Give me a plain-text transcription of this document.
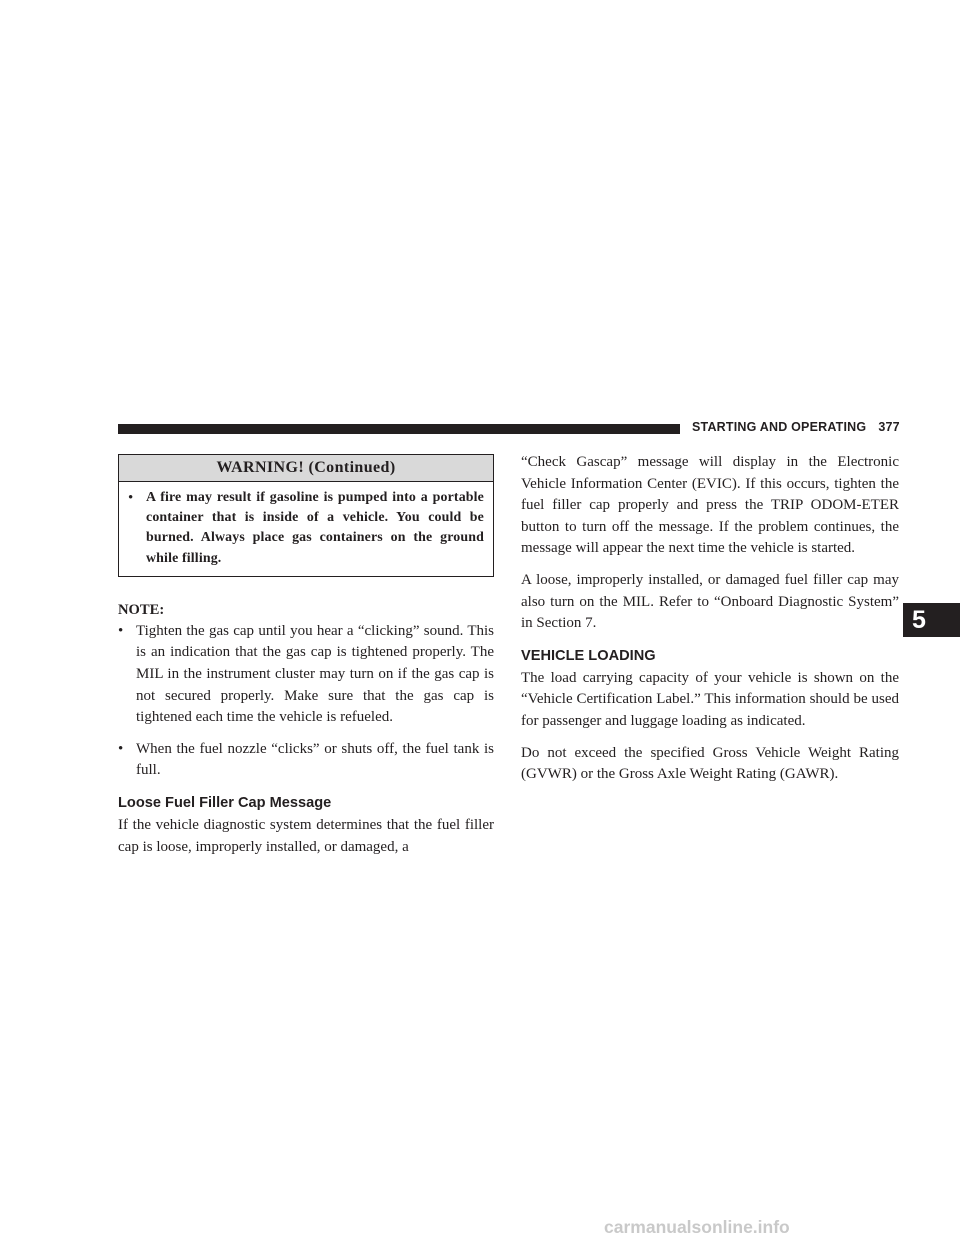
STARTING AND OPERATING 377
WARNING! (Continued)
• A fire may result if gasoline is pumped into a portable container that is inside of a vehicle. You could be burned. Always place gas containers on the ground while filling.

NOTE:

• Tighten the gas cap until you hear a “clicking” sound. This is an indication that the gas cap is tightened properly. The MIL in the instrument cluster may turn on if the gas cap is not secured properly. Make sure that the gas cap is tightened each time the vehicle is refueled.

• When the fuel nozzle “clicks” or shuts off, the fuel tank is full.

Loose Fuel Filler Cap Message

If the vehicle diagnostic system determines that the fuel filler cap is loose, improperly installed, or damaged, a

“Check Gascap” message will display in the Electronic Vehicle Information Center (EVIC). If this occurs, tighten the fuel filler cap properly and press the TRIP ODOM-ETER button to turn off the message. If the problem continues, the message will appear the next time the vehicle is started.

A loose, improperly installed, or damaged fuel filler cap may also turn on the MIL. Refer to “Onboard Diagnostic System” in Section 7.

VEHICLE LOADING

The load carrying capacity of your vehicle is shown on the “Vehicle Certification Label.” This information should be used for passenger and luggage loading as indicated.

Do not exceed the specified Gross Vehicle Weight Rating (GVWR) or the Gross Axle Weight Rating (GAWR).

5
carmanualsonline.info
